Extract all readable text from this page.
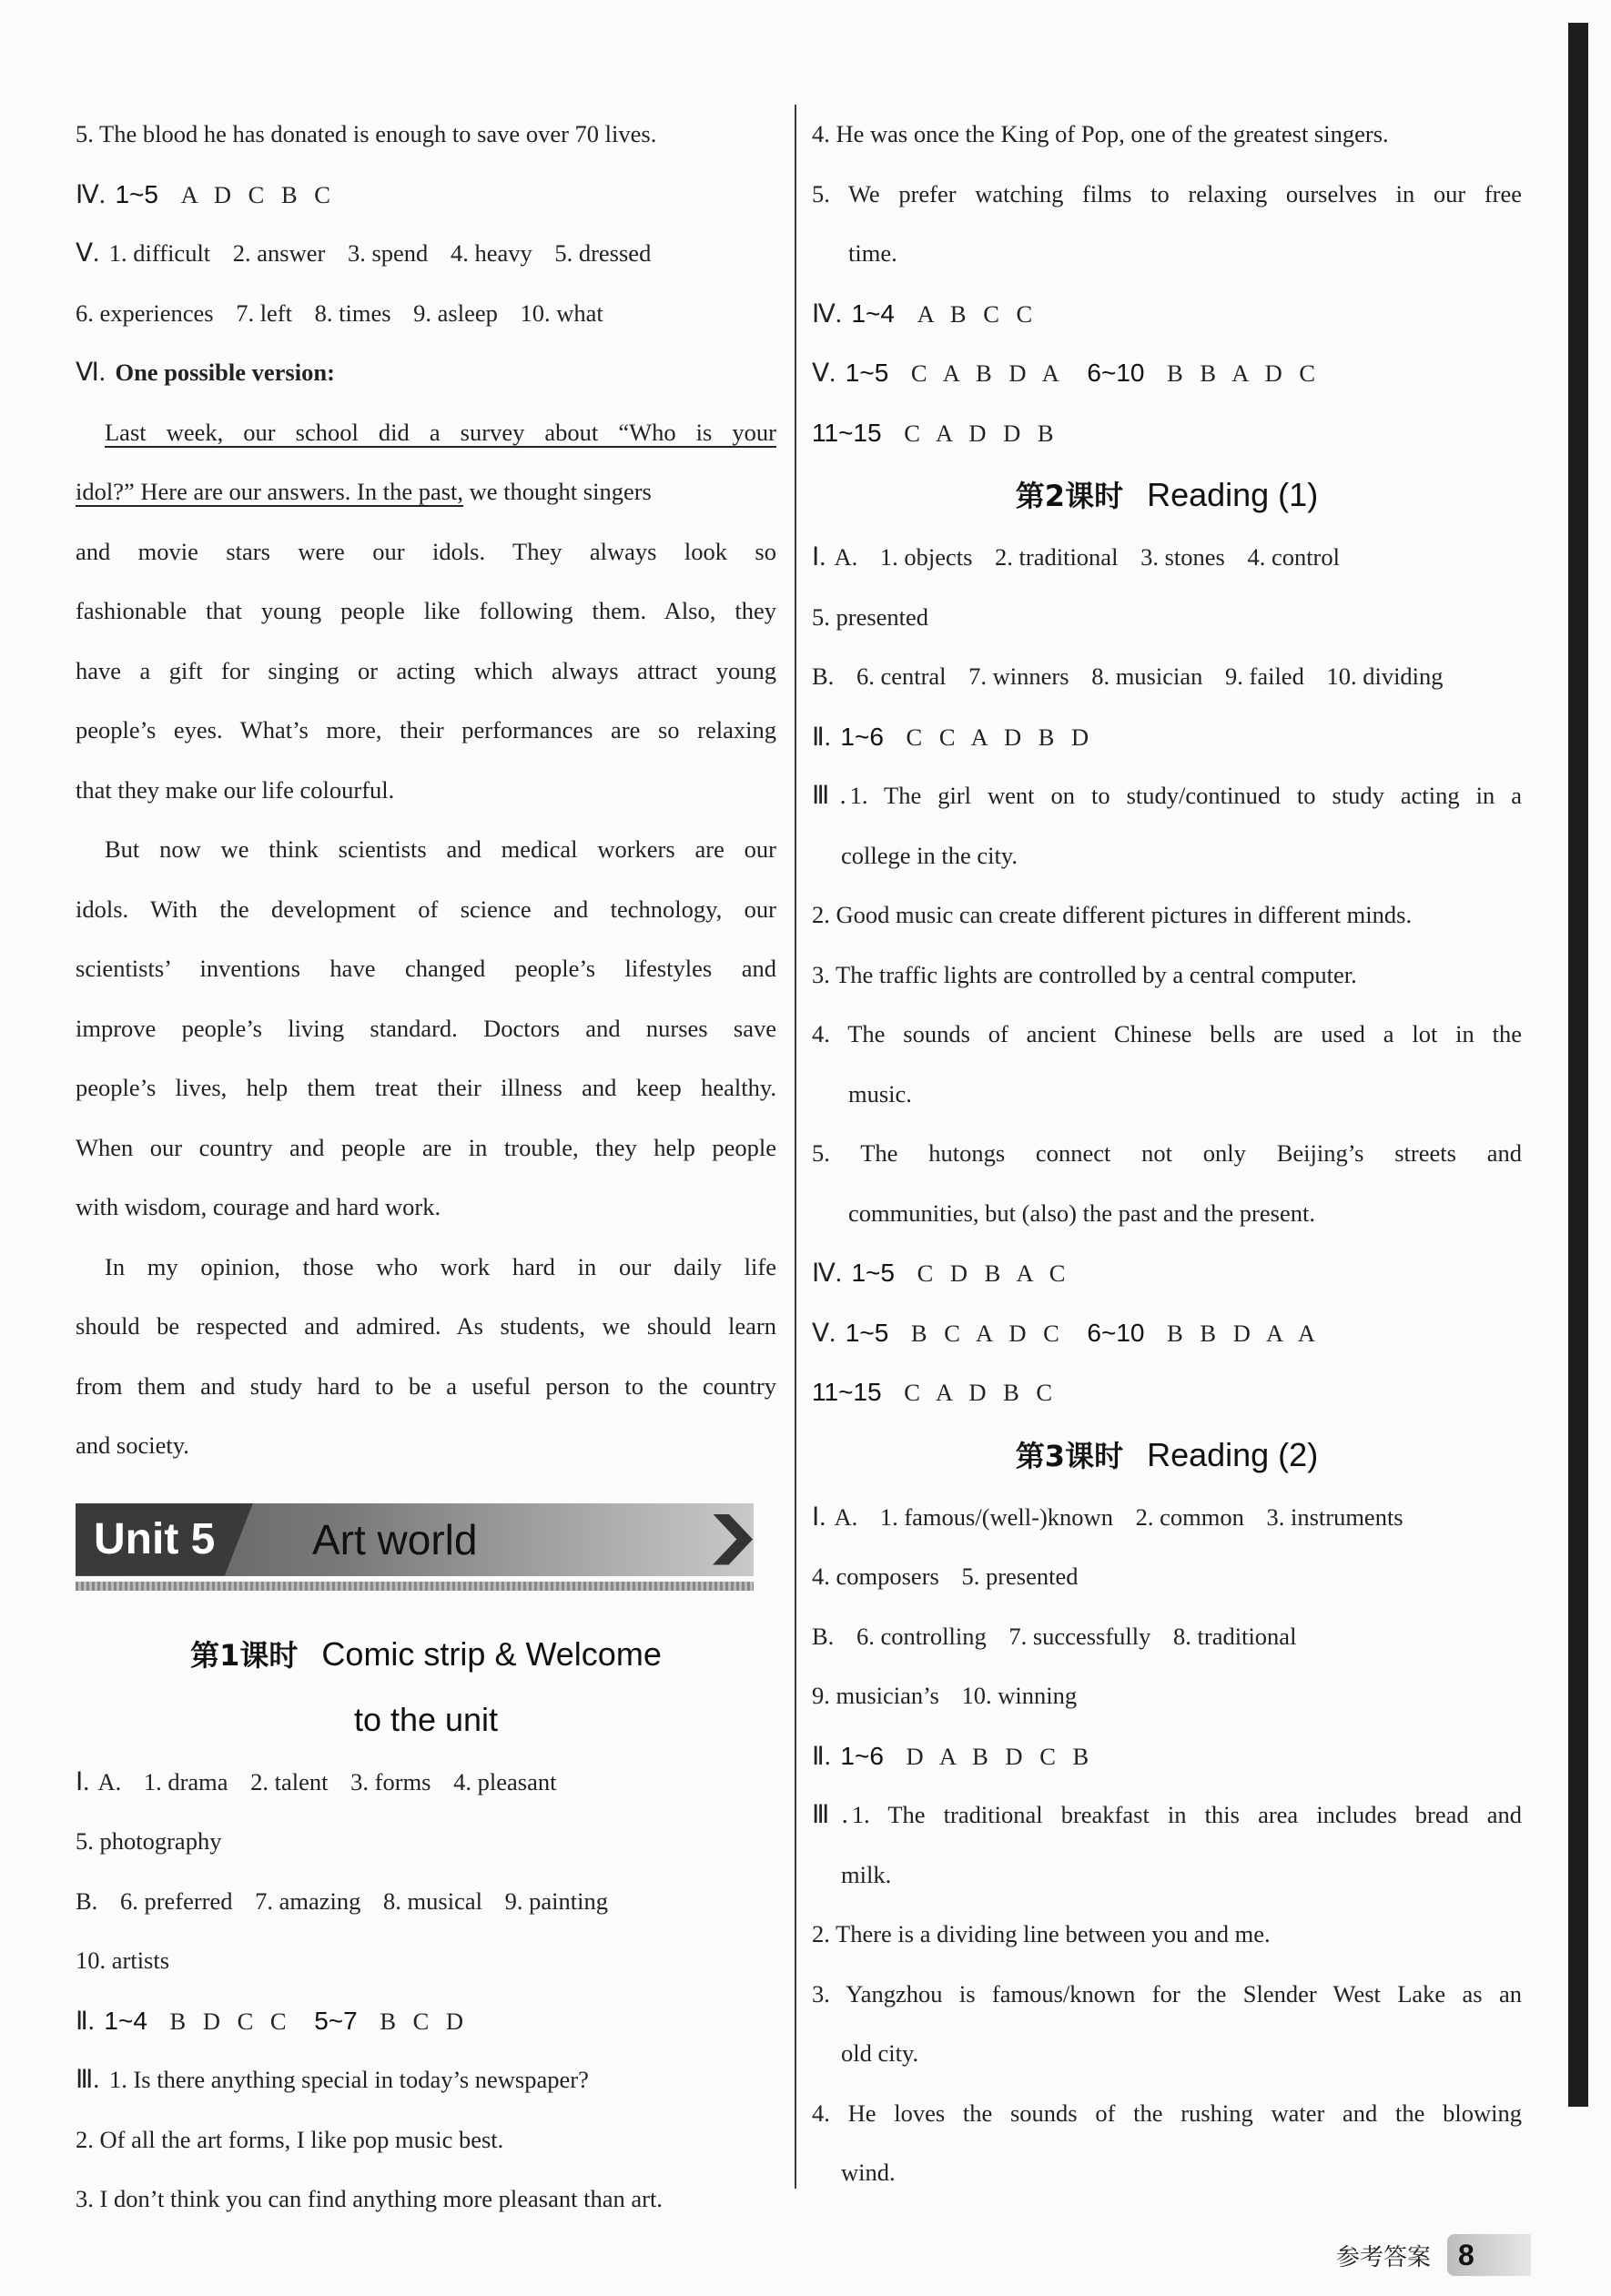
5. The blood he has donated is enough to save over 70 lives.
Ⅳ. 1~5 A D C B C
Ⅴ. 1. difficult 2. answer 3. spend 4. heavy 5. dressed
6. experiences 7. left 8. times 9. asleep 10. what
Ⅵ. One possible version:
Last week, our school did a survey about “Who is your
idol?” Here are our answers. In the past, we thought singers
and movie stars were our idols. They always look so
fashionable that young people like following them. Also, they
have a gift for singing or acting which always attract young
people’s eyes. What’s more, their performances are so relaxing
that they make our life colourful.
But now we think scientists and medical workers are our
idols. With the development of science and technology, our
scientists’ inventions have changed people’s lifestyles and
improve people’s living standard. Doctors and nurses save
people’s lives, help them treat their illness and keep healthy.
When our country and people are in trouble, they help people
with wisdom, courage and hard work.
In my opinion, those who work hard in our daily life
should be respected and admired. As students, we should learn
from them and study hard to be a useful person to the country
and society.
Unit 5 Art world
第1课时 Comic strip & Welcome
to the unit
Ⅰ. A. 1. drama 2. talent 3. forms 4. pleasant
5. photography
B. 6. preferred 7. amazing 8. musical 9. painting
10. artists
Ⅱ. 1~4 B D C C 5~7 B C D
Ⅲ. 1. Is there anything special in today’s newspaper?
2. Of all the art forms, I like pop music best.
3. I don’t think you can find anything more pleasant than art.
4. He was once the King of Pop, one of the greatest singers.
5. We prefer watching films to relaxing ourselves in our free
time.
Ⅳ. 1~4 A B C C
Ⅴ. 1~5 C A B D A 6~10 B B A D C
11~15 C A D D B
第2课时 Reading (1)
Ⅰ. A. 1. objects 2. traditional 3. stones 4. control
5. presented
B. 6. central 7. winners 8. musician 9. failed 10. dividing
Ⅱ. 1~6 C C A D B D
Ⅲ. 1. The girl went on to study/continued to study acting in a
college in the city.
2. Good music can create different pictures in different minds.
3. The traffic lights are controlled by a central computer.
4. The sounds of ancient Chinese bells are used a lot in the
music.
5. The hutongs connect not only Beijing’s streets and
communities, but (also) the past and the present.
Ⅳ. 1~5 C D B A C
Ⅴ. 1~5 B C A D C 6~10 B B D A A
11~15 C A D B C
第3课时 Reading (2)
Ⅰ. A. 1. famous/(well-)known 2. common 3. instruments
4. composers 5. presented
B. 6. controlling 7. successfully 8. traditional
9. musician’s 10. winning
Ⅱ. 1~6 D A B D C B
Ⅲ. 1. The traditional breakfast in this area includes bread and
milk.
2. There is a dividing line between you and me.
3. Yangzhou is famous/known for the Slender West Lake as an
old city.
4. He loves the sounds of the rushing water and the blowing
wind.
参考答案 8
